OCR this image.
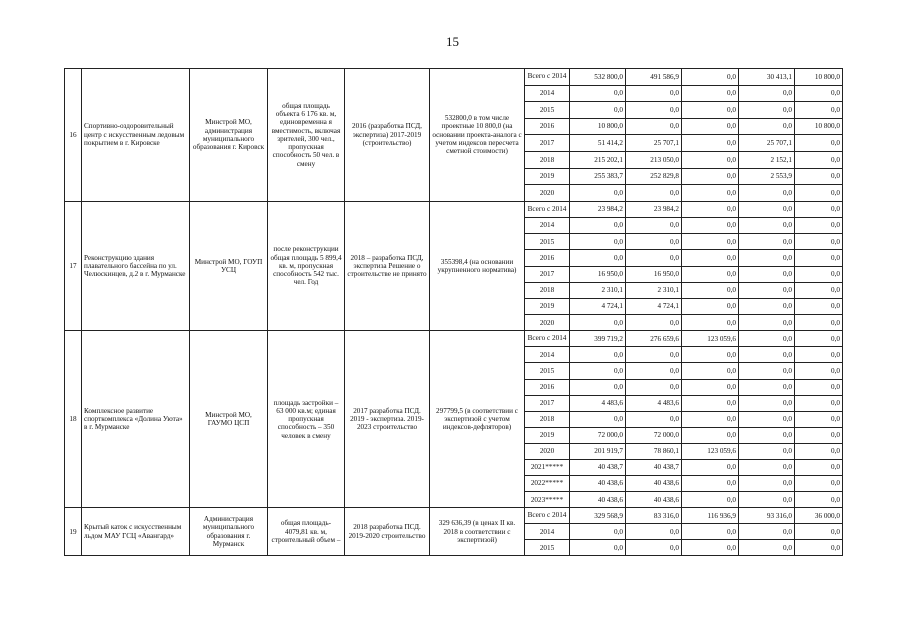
15
16	Спортивно-оздоровительный центр с искусственным ледовым покрытием в г. Кировске	Минстрой МО, администрация муниципального образования г. Кировск	общая площадь объекта 6 176 кв. м, единовременна я вместимость, включая зрителей, 300 чел., пропускная способность 50 чел. в смену	2016 (разработка ПСД, экспертиза) 2017-2019 (строительство)	532800,0 в том числе проектные 10 800,0 (на основании проекта-аналога с учетом индексов пересчета сметной стоимости)	Всего с 2014	532 800,0	491 586,9	0,0	30 413,1	10 800,0
						2014	0,0	0,0	0,0	0,0	0,0
						2015	0,0	0,0	0,0	0,0	0,0
						2016	10 800,0	0,0	0,0	0,0	10 800,0
						2017	51 414,2	25 707,1	0,0	25 707,1	0,0
						2018	215 202,1	213 050,0	0,0	2 152,1	0,0
						2019	255 383,7	252 829,8	0,0	2 553,9	0,0
						2020	0,0	0,0	0,0	0,0	0,0
17	Реконструкцию здания плавательного бассейна по ул. Челюскинцев, д.2 в г. Мурманске	Минстрой МО, ГОУП УСЦ	после реконструкции общая площадь 5 899,4 кв. м, пропускная способность 542 тыс. чел. Год	2018 – разработка ПСД, экспертиза Решение о строительстве не принято	355398,4 (на основании укрупненного норматива)	Всего с 2014	23 984,2	23 984,2	0,0	0,0	0,0
						2014	0,0	0,0	0,0	0,0	0,0
						2015	0,0	0,0	0,0	0,0	0,0
						2016	0,0	0,0	0,0	0,0	0,0
						2017	16 950,0	16 950,0	0,0	0,0	0,0
						2018	2 310,1	2 310,1	0,0	0,0	0,0
						2019	4 724,1	4 724,1	0,0	0,0	0,0
						2020	0,0	0,0	0,0	0,0	0,0
18	Комплексное развитие спорткомплекса «Долина Уюта» в г. Мурманске	Минстрой МО, ГАУМО ЦСП	площадь застройки – 63 000 кв.м; единая пропускная способность – 350 человек в смену	2017 разработка ПСД. 2019 - экспертиза. 2019-2023 строительство	297799,5 (в соответствии с экспертизой с учетом индексов-дефляторов)	Всего с 2014	399 719,2	276 659,6	123 059,6	0,0	0,0
						2014	0,0	0,0	0,0	0,0	0,0
						2015	0,0	0,0	0,0	0,0	0,0
						2016	0,0	0,0	0,0	0,0	0,0
						2017	4 483,6	4 483,6	0,0	0,0	0,0
						2018	0,0	0,0	0,0	0,0	0,0
						2019	72 000,0	72 000,0	0,0	0,0	0,0
						2020	201 919,7	78 860,1	123 059,6	0,0	0,0
						2021*****	40 438,7	40 438,7	0,0	0,0	0,0
						2022*****	40 438,6	40 438,6	0,0	0,0	0,0
						2023*****	40 438,6	40 438,6	0,0	0,0	0,0
19	Крытый каток с искусственным льдом МАУ ГСЦ «Авангард»	Администрация муниципального образования г. Мурманск	общая площадь- 4079,81 кв. м, строительный объем –	2018 разработка ПСД. 2019-2020 строительство	329 636,39 (в ценах II кв. 2018 в соответствии с экспертизой)	Всего с 2014	329 568,9	83 316,0	116 936,9	93 316,0	36 000,0
						2014	0,0	0,0	0,0	0,0	0,0
						2015	0,0	0,0	0,0	0,0	0,0
